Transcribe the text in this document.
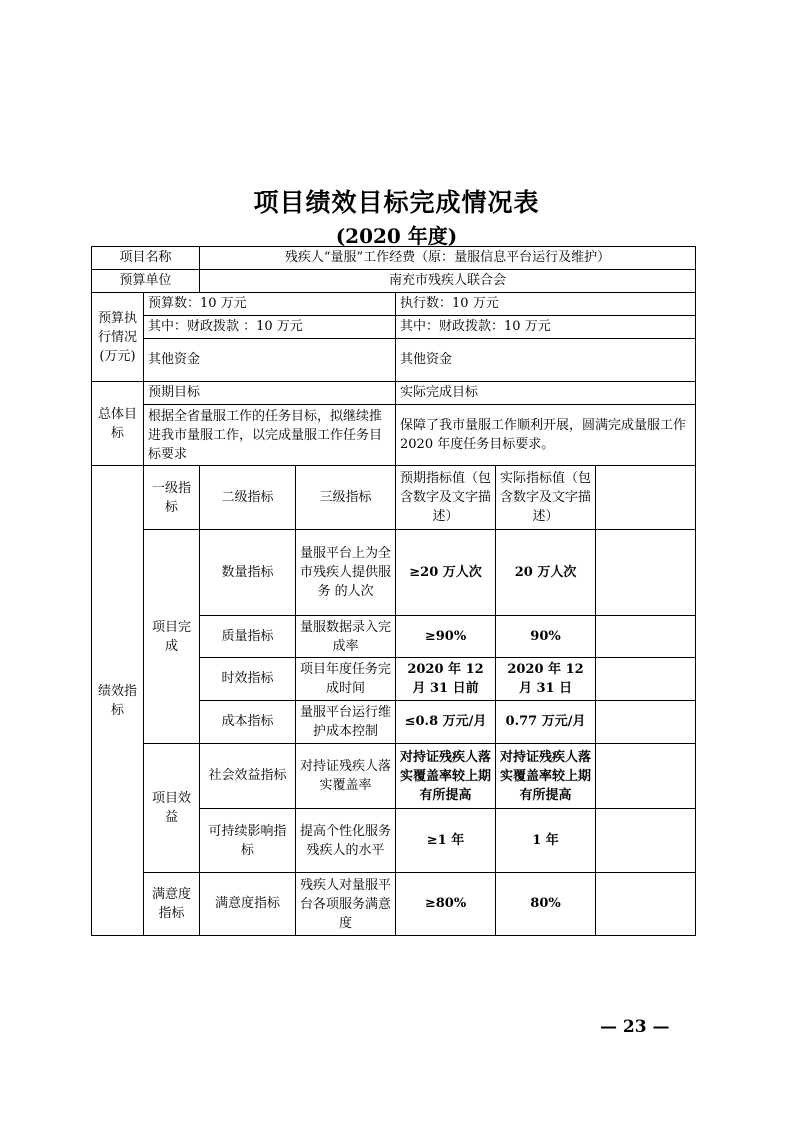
项目绩效目标完成情况表
(2020 年度)
项目名称		残疾人“量服”工作经费（原：量服信息平台运行及维护）				
预算单位		南充市残疾人联合会				
预算执行情况(万元)	预算数：10 万元			执行数：10 万元		
	其中：财政拨款 ：10 万元			其中：财政拨款：10 万元		
	其他资金			其他资金		
总体目标	预期目标			实际完成目标		
	根据全省量服工作的任务目标，拟继续推进我市量服工作，以完成量服工作任务目标要求			保障了我市量服工作顺利开展，圆满完成量服工作 2020 年度任务目标要求。		
绩效指标	一级指标	二级指标	三级指标	预期指标值（包含数字及文字描述）	实际指标值（包含数字及文字描述）	
	项目完成	数量指标	量服平台上为全市残疾人提供服务 的人次	≥20 万人次	20 万人次	
		质量指标	量服数据录入完成率	≥90%	90%	
		时效指标	项目年度任务完成时间	2020 年 12 月 31 日前	2020 年 12 月 31 日	
		成本指标	量服平台运行维护成本控制	≤0.8 万元/月	0.77 万元/月	
	项目效益	社会效益指标	对持证残疾人落实覆盖率	对持证残疾人落实覆盖率较上期有所提高	对持证残疾人落实覆盖率较上期有所提高	
		可持续影响指标	提高个性化服务残疾人的水平	≥1 年	1 年	
	满意度指标	满意度指标	残疾人对量服平台各项服务满意度	≥80%	80%	
— 23 —
